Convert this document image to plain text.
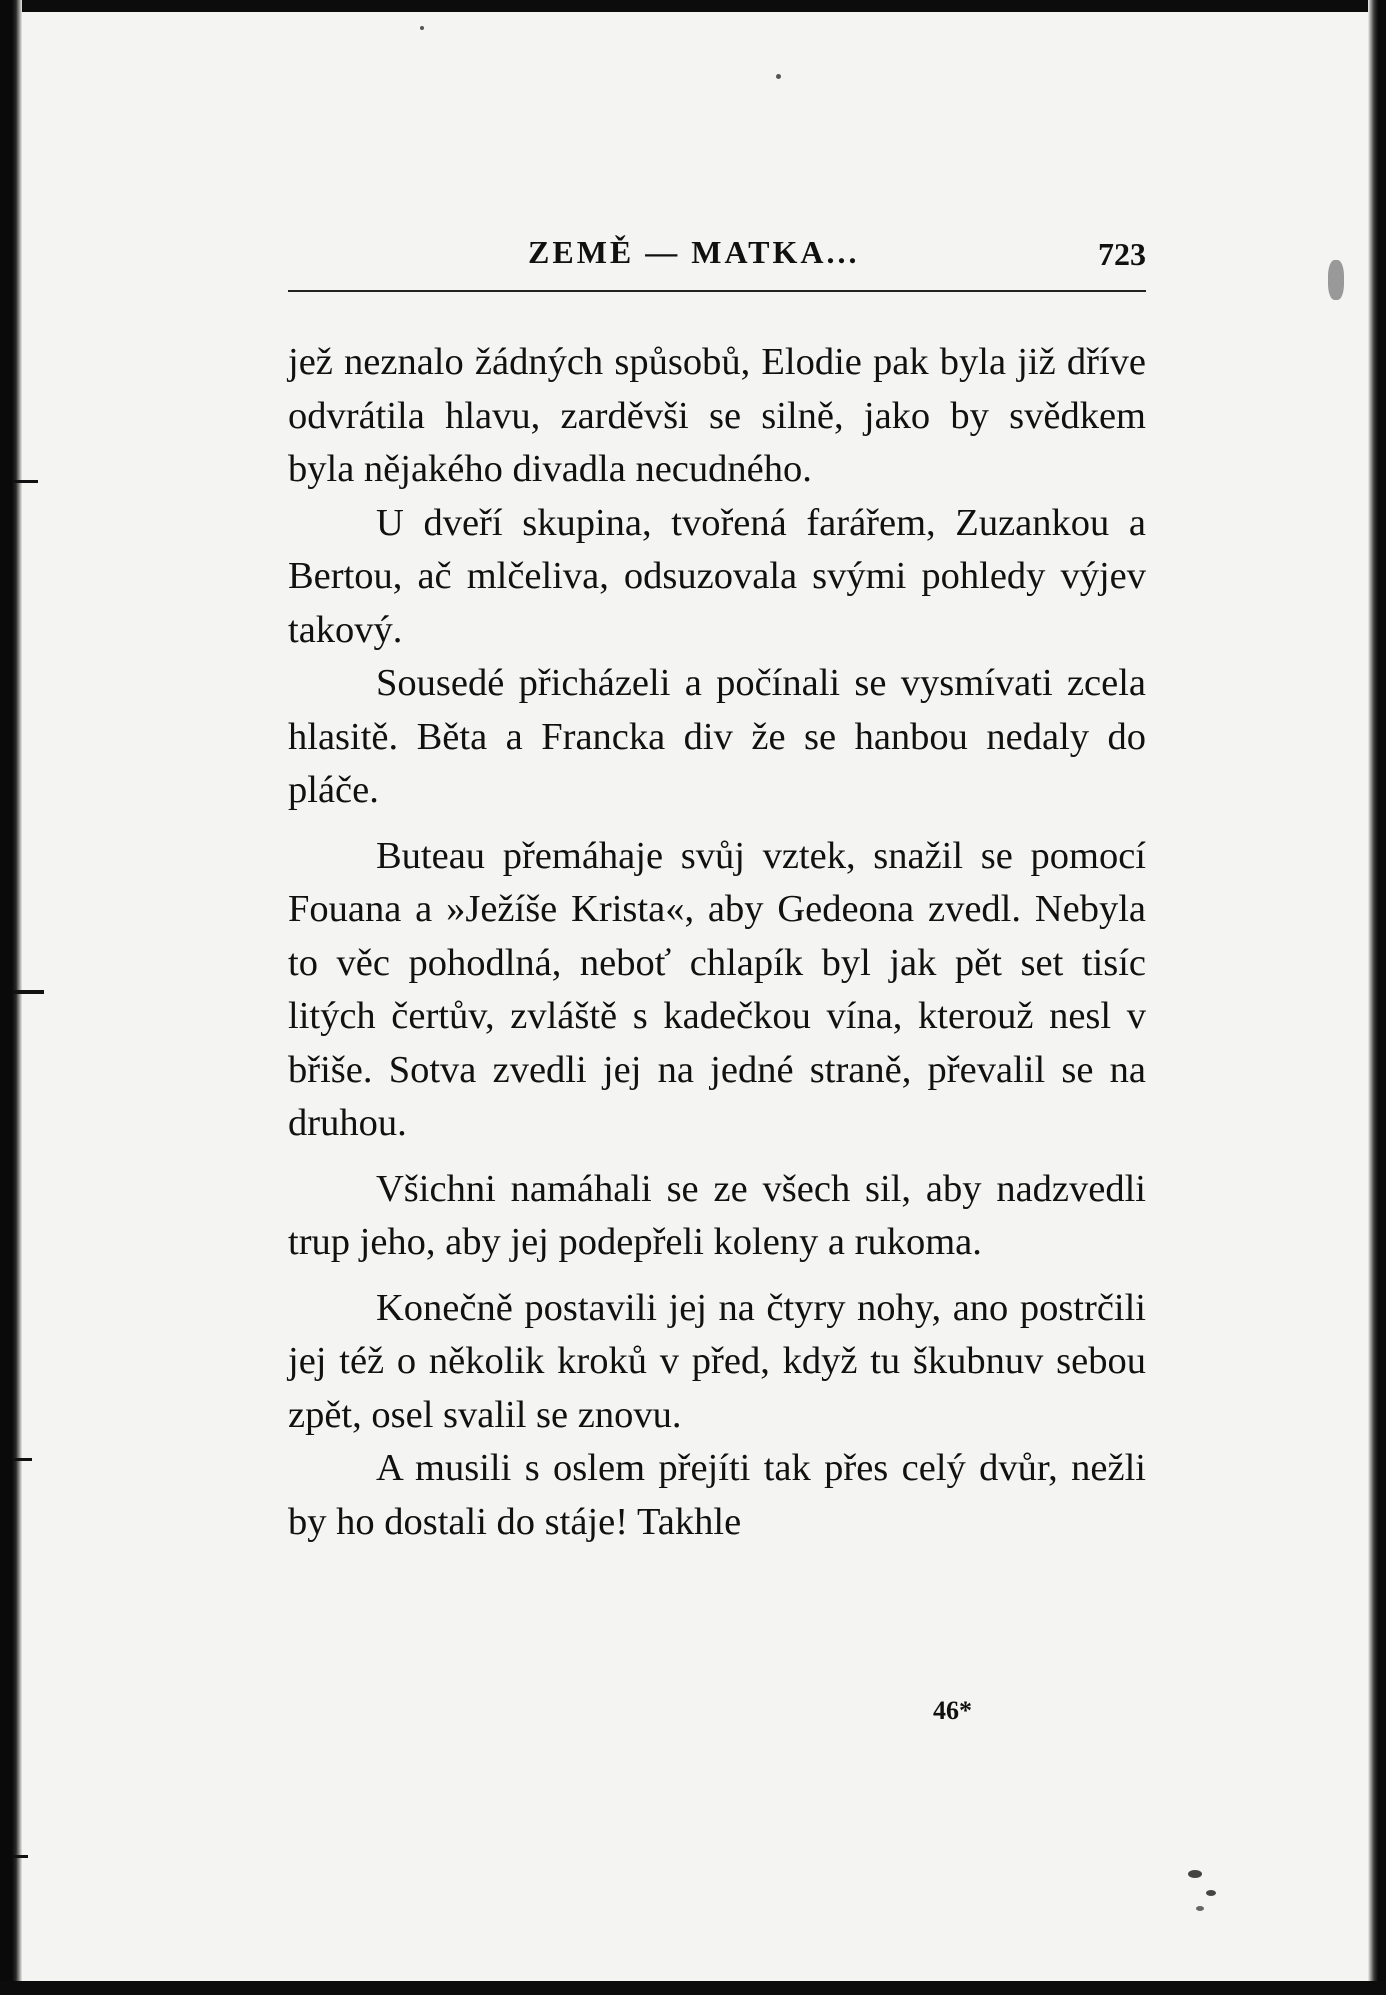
ZEMĚ — MATKA...	723

jež neznalo žádných spůsobů, Elodie pak byla již dříve odvrátila hlavu, zarděvši se silně, jako by svědkem byla nějakého divadla necudného.

U dveří skupina, tvořená farářem, Zuzankou a Bertou, ač mlčeliva, odsuzovala svými pohledy výjev takový.

Sousedé přicházeli a počínali se vysmívati zcela hlasitě. Běta a Francka div že se hanbou nedaly do pláče.

Buteau přemáhaje svůj vztek, snažil se pomocí Fouana a »Ježíše Krista«, aby Gedeona zvedl. Nebyla to věc pohodlná, neboť chlapík byl jak pět set tisíc litých čertův, zvláště s kadečkou vína, kterouž nesl v břiše. Sotva zvedli jej na jedné straně, převalil se na druhou.

Všichni namáhali se ze všech sil, aby nadzvedli trup jeho, aby jej podepřeli koleny a rukoma.

Konečně postavili jej na čtyry nohy, ano postrčili jej též o několik kroků v před, když tu škubnuv sebou zpět, osel svalil se znovu.

A musili s oslem přejíti tak přes celý dvůr, nežli by ho dostali do stáje! Takhle

46*
